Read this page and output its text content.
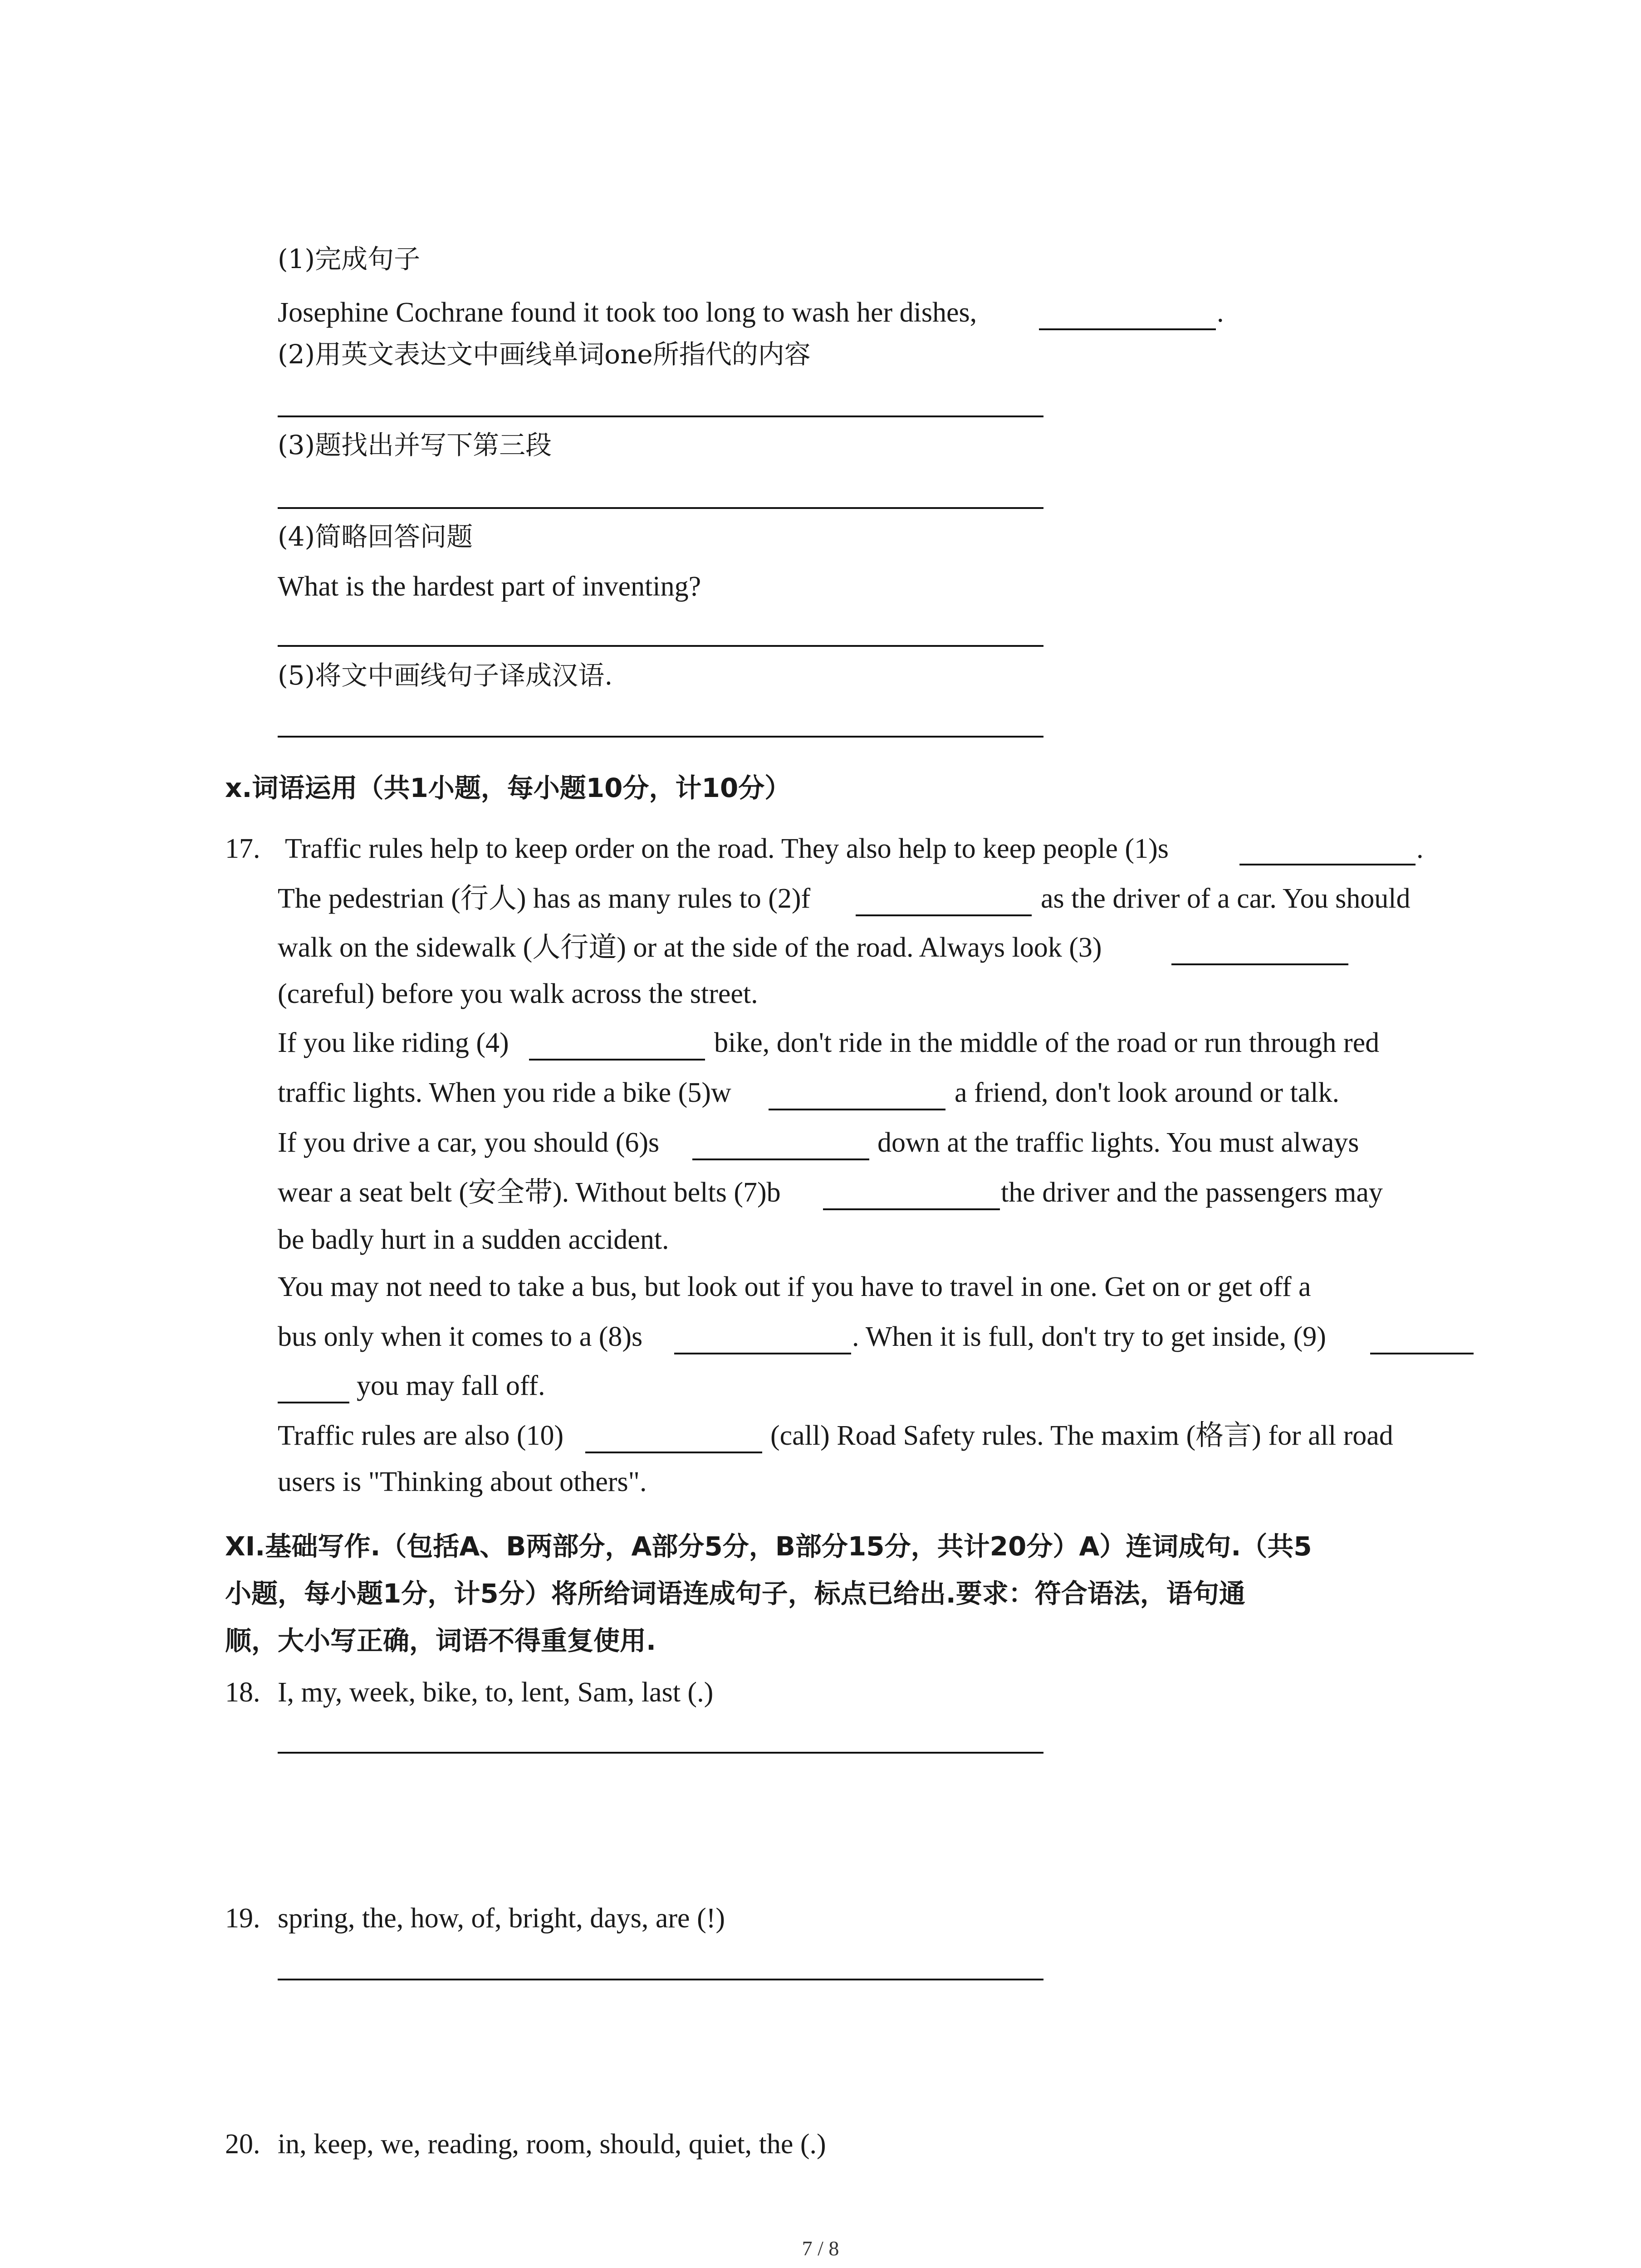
(1)完成句子
Josephine Cochrane found it took too long to wash her dishes,	.
(2)用英文表达文中画线单词one所指代的内容
(3)题找出并写下第三段
(4)简略回答问题
What is the hardest part of inventing?
(5)将文中画线句子译成汉语.
x.词语运用（共1小题，每小题10分，计10分）
17. Traffic rules help to keep order on the road. They also help to keep people (1)s	.
The pedestrian (行人) has as many rules to (2)f	as the driver of a car. You should
walk on the sidewalk (人行道) or at the side of the road. Always look (3)
(careful) before you walk across the street.
If you like riding (4)	bike, don't ride in the middle of the road or run through red
traffic lights. When you ride a bike (5)w	a friend, don't look around or talk.
If you drive a car, you should (6)s	down at the traffic lights. You must always
wear a seat belt (安全带). Without belts (7)b	the driver and the passengers may
be badly hurt in a sudden accident.
You may not need to take a bus, but look out if you have to travel in one. Get on or get off a
bus only when it comes to a (8)s	. When it is full, don't try to get inside, (9)
you may fall off.
Traffic rules are also (10)	(call) Road Safety rules. The maxim (格言) for all road
users is "Thinking about others".
XI.基础写作.（包括A、B两部分，A部分5分，B部分15分，共计20分）A）连词成句.（共5
小题，每小题1分，计5分）将所给词语连成句子，标点已给出.要求：符合语法，语句通
顺，大小写正确，词语不得重复使用.
18. I, my, week, bike, to, lent, Sam, last (.)
19. spring, the, how, of, bright, days, are (!)
20. in, keep, we, reading, room, should, quiet, the (.)
7 / 8
